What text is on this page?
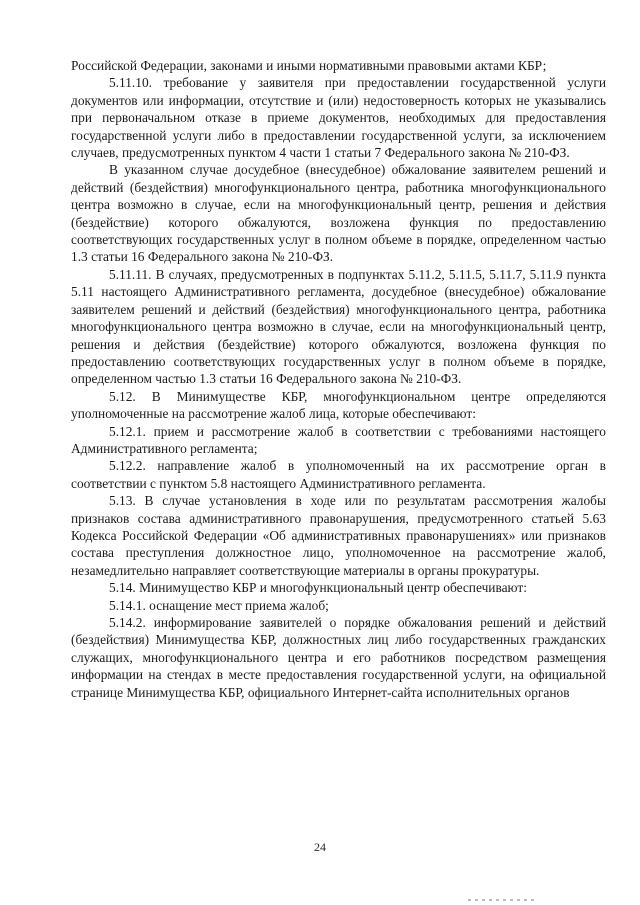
Российской Федерации, законами и иными нормативными правовыми актами КБР;

5.11.10. требование у заявителя при предоставлении государственной услуги документов или информации, отсутствие и (или) недостоверность которых не указывались при первоначальном отказе в приеме документов, необходимых для предоставления государственной услуги либо в предоставлении государственной услуги, за исключением случаев, предусмотренных пунктом 4 части 1 статьи 7 Федерального закона № 210-ФЗ.

В указанном случае досудебное (внесудебное) обжалование заявителем решений и действий (бездействия) многофункционального центра, работника многофункционального центра возможно в случае, если на многофункциональный центр, решения и действия (бездействие) которого обжалуются, возложена функция по предоставлению соответствующих государственных услуг в полном объеме в порядке, определенном частью 1.3 статьи 16 Федерального закона № 210-ФЗ.

5.11.11. В случаях, предусмотренных в подпунктах 5.11.2, 5.11.5, 5.11.7, 5.11.9 пункта 5.11 настоящего Административного регламента, досудебное (внесудебное) обжалование заявителем решений и действий (бездействия) многофункционального центра, работника многофункционального центра возможно в случае, если на многофункциональный центр, решения и действия (бездействие) которого обжалуются, возложена функция по предоставлению соответствующих государственных услуг в полном объеме в порядке, определенном частью 1.3 статьи 16 Федерального закона № 210-ФЗ.

5.12. В Минимуществе КБР, многофункциональном центре определяются уполномоченные на рассмотрение жалоб лица, которые обеспечивают:

5.12.1. прием и рассмотрение жалоб в соответствии с требованиями настоящего Административного регламента;

5.12.2. направление жалоб в уполномоченный на их рассмотрение орган в соответствии с пунктом 5.8 настоящего Административного регламента.

5.13. В случае установления в ходе или по результатам рассмотрения жалобы признаков состава административного правонарушения, предусмотренного статьей 5.63 Кодекса Российской Федерации «Об административных правонарушениях» или признаков состава преступления должностное лицо, уполномоченное на рассмотрение жалоб, незамедлительно направляет соответствующие материалы в органы прокуратуры.

5.14. Минимущество КБР и многофункциональный центр обеспечивают:

5.14.1. оснащение мест приема жалоб;

5.14.2. информирование заявителей о порядке обжалования решений и действий (бездействия) Минимущества КБР, должностных лиц либо государственных гражданских служащих, многофункционального центра и его работников посредством размещения информации на стендах в месте предоставления государственной услуги, на официальной странице Минимущества КБР, официального Интернет-сайта исполнительных органов

24
